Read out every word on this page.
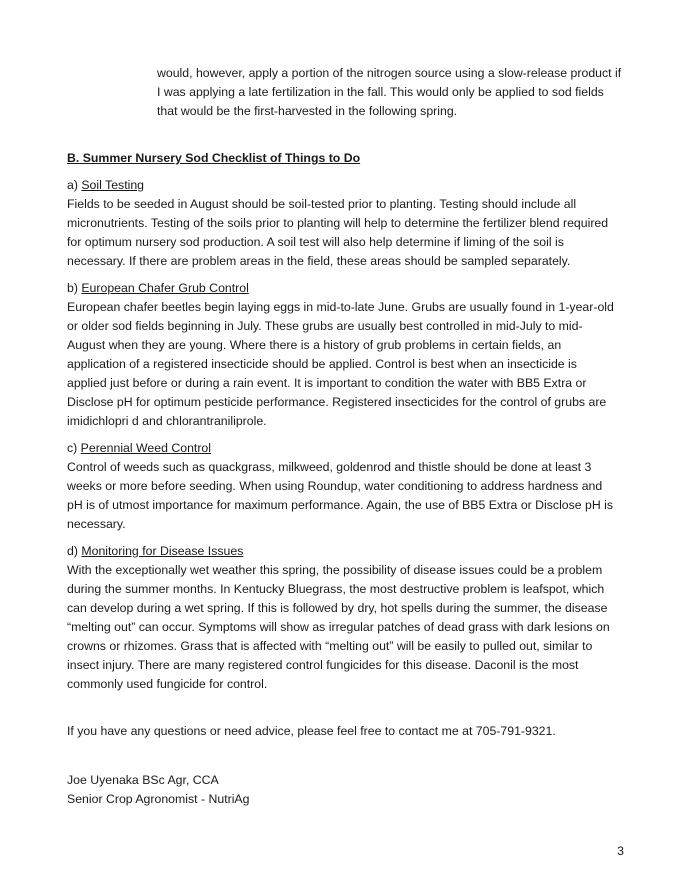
would, however, apply a portion of the nitrogen source using a slow-release product if I was applying a late fertilization in the fall. This would only be applied to sod fields that would be the first-harvested in the following spring.

B. Summer Nursery Sod Checklist of Things to Do

a) Soil Testing

Fields to be seeded in August should be soil-tested prior to planting. Testing should include all micronutrients. Testing of the soils prior to planting will help to determine the fertilizer blend required for optimum nursery sod production. A soil test will also help determine if liming of the soil is necessary. If there are problem areas in the field, these areas should be sampled separately.

b) European Chafer Grub Control

European chafer beetles begin laying eggs in mid-to-late June. Grubs are usually found in 1-year-old or older sod fields beginning in July. These grubs are usually best controlled in mid-July to mid-August when they are young. Where there is a history of grub problems in certain fields, an application of a registered insecticide should be applied. Control is best when an insecticide is applied just before or during a rain event. It is important to condition the water with BB5 Extra or Disclose pH for optimum pesticide performance. Registered insecticides for the control of grubs are imidichlopri d and chlorantraniliprole.

c) Perennial Weed Control

Control of weeds such as quackgrass, milkweed, goldenrod and thistle should be done at least 3 weeks or more before seeding. When using Roundup, water conditioning to address hardness and pH is of utmost importance for maximum performance. Again, the use of BB5 Extra or Disclose pH is necessary.

d) Monitoring for Disease Issues

With the exceptionally wet weather this spring, the possibility of disease issues could be a problem during the summer months. In Kentucky Bluegrass, the most destructive problem is leafspot, which can develop during a wet spring. If this is followed by dry, hot spells during the summer, the disease “melting out” can occur. Symptoms will show as irregular patches of dead grass with dark lesions on crowns or rhizomes. Grass that is affected with “melting out” will be easily to pulled out, similar to insect injury. There are many registered control fungicides for this disease. Daconil is the most commonly used fungicide for control.

If you have any questions or need advice, please feel free to contact me at 705-791-9321.

Joe Uyenaka BSc Agr, CCA

Senior Crop Agronomist - NutriAg

3
